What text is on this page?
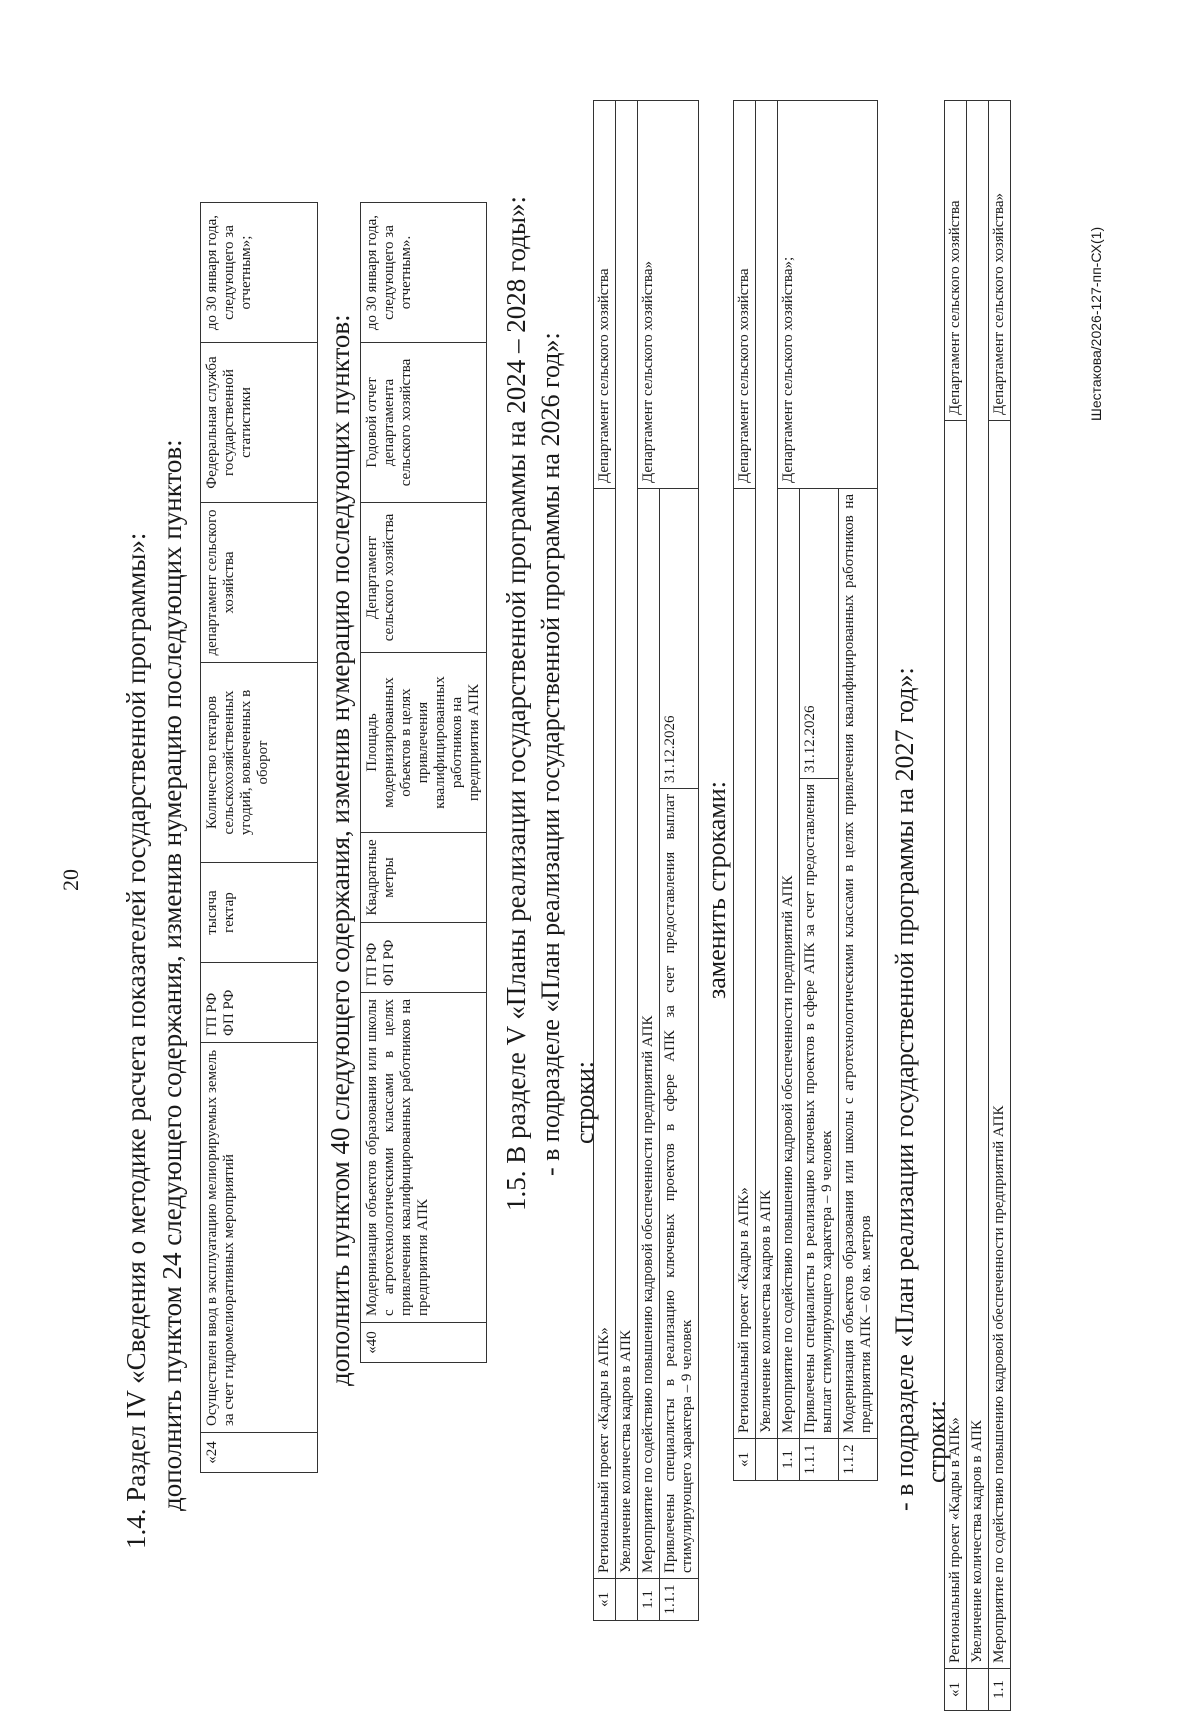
20 1.4. Раздел IV «Сведения о методике расчета показателей государственной программы»: дополнить пунктом 24 следующего содержания, изменив нумерацию последующих пунктов: «24	Осуществлен ввод в эксплуатацию мелиорируемых земель за счет гидромелиоративных мероприятий	ГП РФ ФП РФ	тысяча гектар	Количество гектаров сельскохозяйственных угодий, вовлеченных в оборот	департамент сельского хозяйства	Федеральная служба государственной статистики	до 30 января года, следующего за отчетным»;
дополнить пунктом 40 следующего содержания, изменив нумерацию последующих пунктов: «40	Модернизация объектов образования или школы с агротехнологическими классами в целях привлечения квалифицированных работников на предприятия АПК	ГП РФ ФП РФ	Квадратные метры	Площадь модернизированных объектов в целях привлечения квалифицированных работников на предприятия АПК	Департамент сельского хозяйства	Годовой отчет департамента сельского хозяйства	до 30 января года, следующего за отчетным».	1.5. В разделе V «Планы реализации государственной программы на 2024 – 2028 годы»: - в подразделе «План реализации государственной программы на 2026 год»: строки:
«1	Региональный проект «Кадры в АПК»		Департамент сельского хозяйства
	Увеличение количества кадров в АПК		
1.1	Мероприятие по содействию повышению кадровой обеспеченности предприятий АПК		Департамент сельского хозяйства»
1.1.1	Привлечены специалисты в реализацию ключевых проектов в сфере АПК за счет предоставления выплат стимулирующего характера – 9 человек	31.12.2026	
заменить строками:
«1	Региональный проект «Кадры в АПК»		Департамент сельского хозяйства
	Увеличение количества кадров в АПК		
1.1	Мероприятие по содействию повышению кадровой обеспеченности предприятий АПК		Департамент сельского хозяйства»;
1.1.1	Привлечены специалисты в реализацию ключевых проектов в сфере АПК за счет предоставления выплат стимулирующего характера – 9 человек	31.12.2026	
1.1.2	Модернизация объектов образования или школы с агротехнологическими классами в целях привлечения квалифицированных работников на предприятия АПК – 60 кв. метров		- в подразделе «План реализации государственной программы на 2027 год»: строки:
«1	Региональный проект «Кадры в АПК»	Департамент сельского хозяйства
	Увеличение количества кадров в АПК	
1.1	Мероприятие по содействию повышению кадровой обеспеченности предприятий АПК	Департамент сельского хозяйства»	Шестакова/2026-127-пп-СХ(1)
